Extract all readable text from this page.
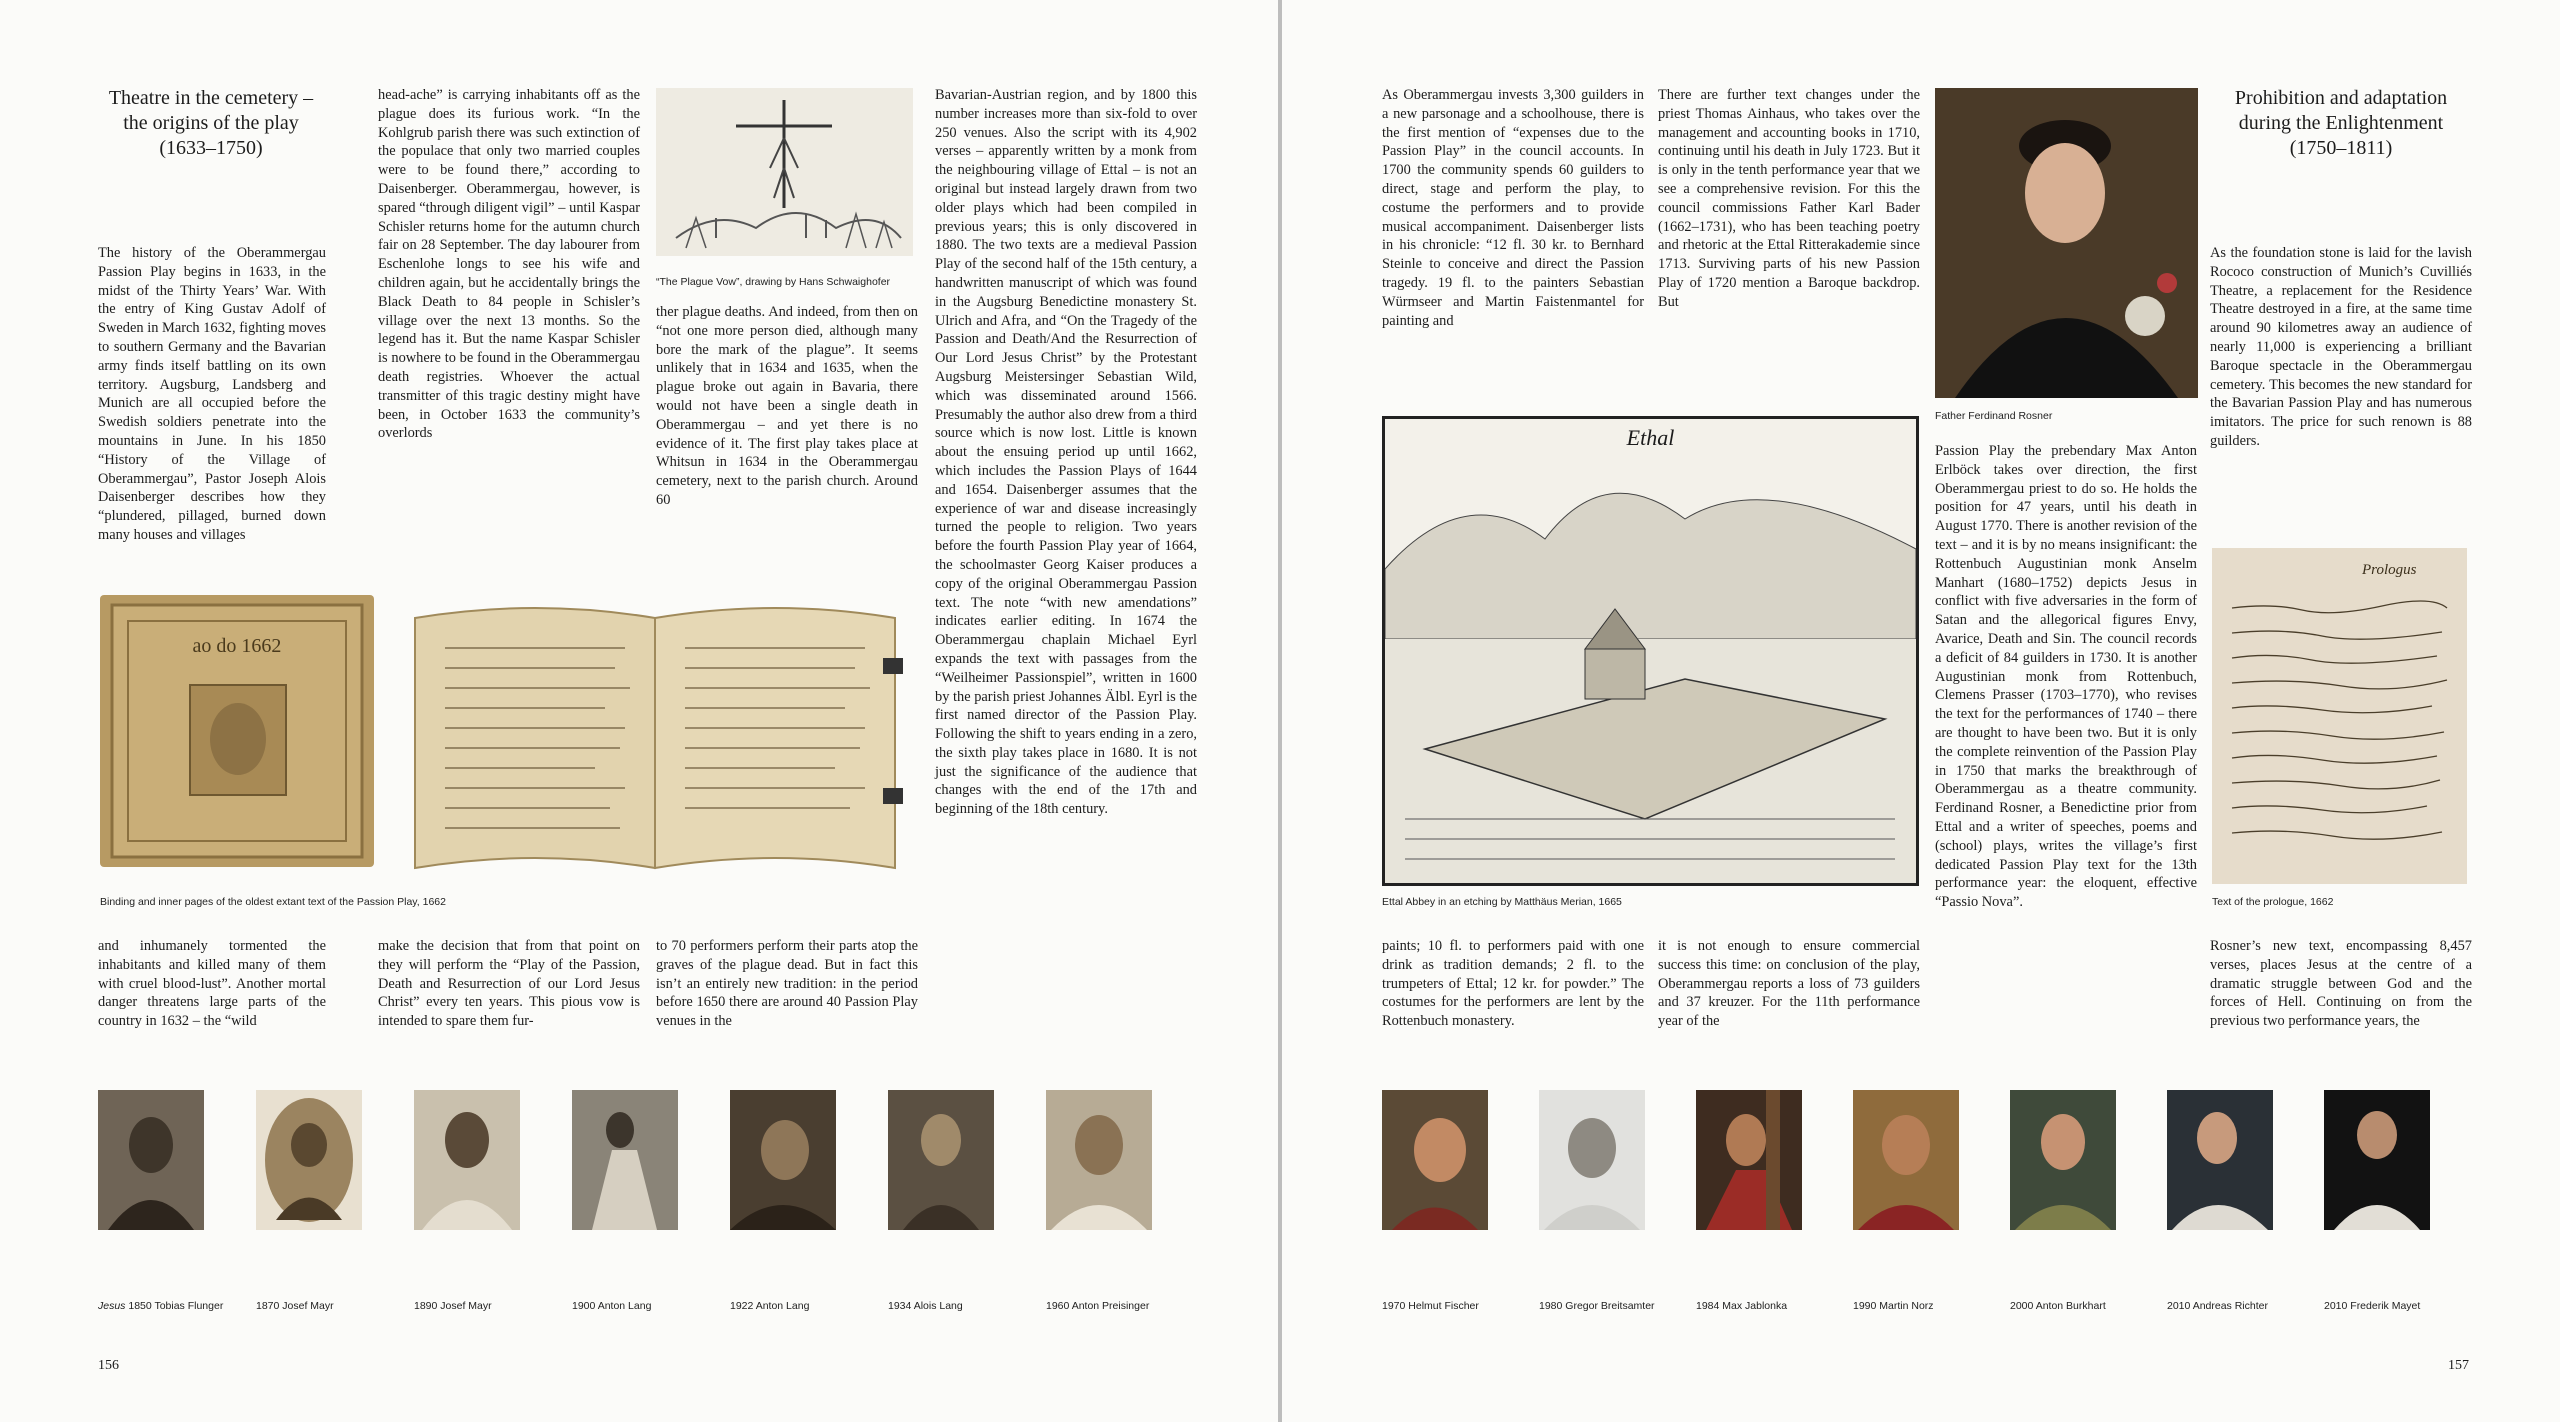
Theatre in the cemetery –
the origins of the play
(1633–1750)
The history of the Oberammergau Passion Play begins in 1633, in the midst of the Thirty Years’ War. With the entry of King Gustav Adolf of Sweden in March 1632, fighting moves to southern Germany and the Bavarian army finds itself battling on its own territory. Augsburg, Landsberg and Munich are all occupied before the Swedish soldiers penetrate into the mountains in June. In his 1850 “History of the Village of Oberammergau”, Pastor Joseph Alois Daisenberger describes how they “plundered, pillaged, burned down many houses and villages
head-ache” is carrying inhabitants off as the plague does its furious work. “In the Kohlgrub parish there was such extinction of the populace that only two married couples were to be found there,” according to Daisenberger. Oberammergau, however, is spared “through diligent vigil” – until Kaspar Schisler returns home for the autumn church fair on 28 September. The day labourer from Eschenlohe longs to see his wife and children again, but he accidentally brings the Black Death to 84 people in Schisler’s village over the next 13 months. So the legend has it. But the name Kaspar Schisler is nowhere to be found in the Oberammergau death registries. Whoever the actual transmitter of this tragic destiny might have been, in October 1633 the community’s overlords
“The Plague Vow”, drawing by Hans Schwaighofer
ther plague deaths. And indeed, from then on “not one more person died, although many bore the mark of the plague”. It seems unlikely that in 1634 and 1635, when the plague broke out again in Bavaria, there would not have been a single death in Oberammergau – and yet there is no evidence of it. The first play takes place at Whitsun in 1634 in the Oberammergau cemetery, next to the parish church. Around 60
Bavarian-Austrian region, and by 1800 this number increases more than six-fold to over 250 venues. Also the script with its 4,902 verses – apparently written by a monk from the neighbouring village of Ettal – is not an original but instead largely drawn from two older plays which had been compiled in previous years; this is only discovered in 1880. The two texts are a medieval Passion Play of the second half of the 15th century, a handwritten manuscript of which was found in the Augsburg Benedictine monastery St. Ulrich and Afra, and “On the Tragedy of the Passion and Death/And the Resurrection of Our Lord Jesus Christ” by the Protestant Augsburg Meistersinger Sebastian Wild, which was disseminated around 1566. Presumably the author also drew from a third source which is now lost. Little is known about the ensuing period up until 1662, which includes the Passion Plays of 1644 and 1654. Daisenberger assumes that the experience of war and disease increasingly turned the people to religion. Two years before the fourth Passion Play year of 1664, the schoolmaster Georg Kaiser produces a copy of the original Oberammergau Passion text. The note “with new amendations” indicates earlier editing. In 1674 the Oberammergau chaplain Michael Eyrl expands the text with passages from the “Weilheimer Passionspiel”, written in 1600 by the parish priest Johannes Älbl. Eyrl is the first named director of the Passion Play. Following the shift to years ending in a zero, the sixth play takes place in 1680. It is not just the significance of the audience that changes with the end of the 17th and beginning of the 18th century.
ao do 1662
Binding and inner pages of the oldest extant text of the Passion Play, 1662
and inhumanely tormented the inhabitants and killed many of them with cruel blood-lust”. Another mortal danger threatens large parts of the country in 1632 – the “wild
make the decision that from that point on they will perform the “Play of the Passion, Death and Resurrection of our Lord Jesus Christ” every ten years. This pious vow is intended to spare them fur-
to 70 performers perform their parts atop the graves of the plague dead. But in fact this isn’t an entirely new tradition: in the period before 1650 there are around 40 Passion Play venues in the
Jesus 1850 Tobias Flunger	1870 Josef Mayr	1890 Josef Mayr	1900 Anton Lang	1922 Anton Lang	1934 Alois Lang	1960 Anton Preisinger
156
As Oberammergau invests 3,300 guilders in a new parsonage and a schoolhouse, there is the first mention of “expenses due to the Passion Play” in the council accounts. In 1700 the community spends 60 guilders to direct, stage and perform the play, to costume the performers and to provide musical accompaniment. Daisenberger lists in his chronicle: “12 fl. 30 kr. to Bernhard Steinle to conceive and direct the Passion tragedy. 19 fl. to the painters Sebastian Würmseer and Martin Faistenmantel for painting and
There are further text changes under the priest Thomas Ainhaus, who takes over the management and accounting books in 1710, continuing until his death in July 1723. But it is only in the tenth performance year that we see a comprehensive revision. For this the council commissions Father Karl Bader (1662–1731), who has been teaching poetry and rhetoric at the Ettal Ritterakademie since 1713. Surviving parts of his new Passion Play of 1720 mention a Baroque backdrop. But
Father Ferdinand Rosner
Ethal
Ettal Abbey in an etching by Matthäus Merian, 1665
Passion Play the prebendary Max Anton Erlböck takes over direction, the first Oberammergau priest to do so. He holds the position for 47 years, until his death in August 1770. There is another revision of the text – and it is by no means insignificant: the Rottenbuch Augustinian monk Anselm Manhart (1680–1752) depicts Jesus in conflict with five adversaries in the form of Satan and the allegorical figures Envy, Avarice, Death and Sin. The council records a deficit of 84 guilders in 1730. It is another Augustinian monk from Rottenbuch, Clemens Prasser (1703–1770), who revises the text for the performances of 1740 – there are thought to have been two. But it is only the complete reinvention of the Passion Play in 1750 that marks the breakthrough of Oberammergau as a theatre community. Ferdinand Rosner, a Benedictine prior from Ettal and a writer of speeches, poems and (school) plays, writes the village’s first dedicated Passion Play text for the 13th performance year: the eloquent, effective “Passio Nova”.
Prohibition and adaptation
during the Enlightenment
(1750–1811)
As the foundation stone is laid for the lavish Rococo construction of Munich’s Cuvilliés Theatre, a replacement for the Residence Theatre destroyed in a fire, at the same time around 90 kilometres away an audience of nearly 11,000 is experiencing a brilliant Baroque spectacle in the Oberammergau cemetery. This becomes the new standard for the Bavarian Passion Play and has numerous imitators. The price for such renown is 88 guilders.
Prologus
Text of the prologue, 1662
paints; 10 fl. to performers paid with one drink as tradition demands; 2 fl. to the trumpeters of Ettal; 12 kr. for powder.” The costumes for the performers are lent by the Rottenbuch monastery.
it is not enough to ensure commercial success this time: on conclusion of the play, Oberammergau reports a loss of 73 guilders and 37 kreuzer. For the 11th performance year of the
Rosner’s new text, encompassing 8,457 verses, places Jesus at the centre of a dramatic struggle between God and the forces of Hell. Continuing on from the previous two performance years, the
1970 Helmut Fischer	1980 Gregor Breitsamter	1984 Max Jablonka	1990 Martin Norz	2000 Anton Burkhart	2010 Andreas Richter	2010 Frederik Mayet
157
